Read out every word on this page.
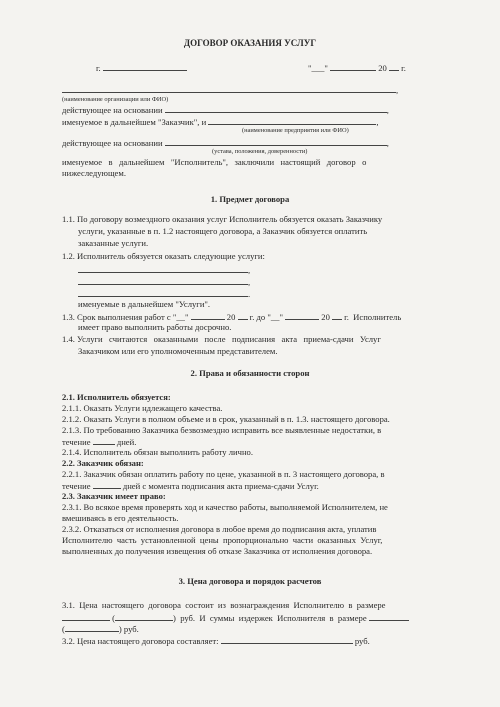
ДОГОВОР ОКАЗАНИЯ УСЛУГ
г.	"___"	20 г.
,
(наименование организации или ФИО)
действующее на основании	,
именуемое в дальнейшем "Заказчик", и	,
(наименование предприятия или ФИО)
действующее на основании	,
(устава, положения, доверенности)
именуемое   в   дальнейшем   "Исполнитель",   заключили   настоящий   договор   о
нижеследующем.
1. Предмет договора
1.1. По договору возмездного оказания услуг Исполнитель обязуется оказать Заказчику
услуги, указанные в п. 1.2 настоящего договора, а Заказчик обязуется оплатить
заказанные услуги.
1.2. Исполнитель обязуется оказать следующие услуги:
,
,
.
именуемые в дальнейшем "Услуги".
1.3. Срок выполнения работ с "__"	20 г. до "__"	20 г.  Исполнитель
имеет право выполнить работы досрочно.
1.4. Услуги   считаются   оказанными   после   подписания   акта   приема-сдачи   Услуг
Заказчиком или его уполномоченным представителем.
2. Права и обязанности сторон
2.1. Исполнитель обязуется:
2.1.1. Оказать Услуги ндлежащего качества.
2.1.2. Оказать Услуги в полном объеме и в срок, указанный в п. 1.3. настоящего договора.
2.1.3. По требованию Заказчика безвозмездно исправить все выявленные недостатки, в
течение	дней.
2.1.4. Исполнитель обязан выполнить работу лично.
2.2. Заказчик обязан:
2.2.1. Заказчик обязан оплатить работу по цене, указанной в п. 3 настоящего договора, в
течение	дней с момента подписания акта приема-сдачи Услуг.
2.3. Заказчик имеет право:
2.3.1. Во всякое время проверять ход и качество работы, выполняемой Исполнителем, не
вмешиваясь в его деятельность.
2.3.2. Отказаться от исполнения договора в любое время до подписания акта, уплатив
Исполнителю  часть  установленной  цены  пропорционально  части  оказанных  Услуг,
выполненных до получения извещения об отказе Заказчика от исполнения договора.
3. Цена договора и порядок расчетов
3.1.  Цена  настоящего  договора  состоит  из  вознаграждения  Исполнителю  в  размере
(	)  руб.  И  суммы  издержек  Исполнителя  в  размере
(	) руб.
3.2. Цена настоящего договора составляет:	руб.
